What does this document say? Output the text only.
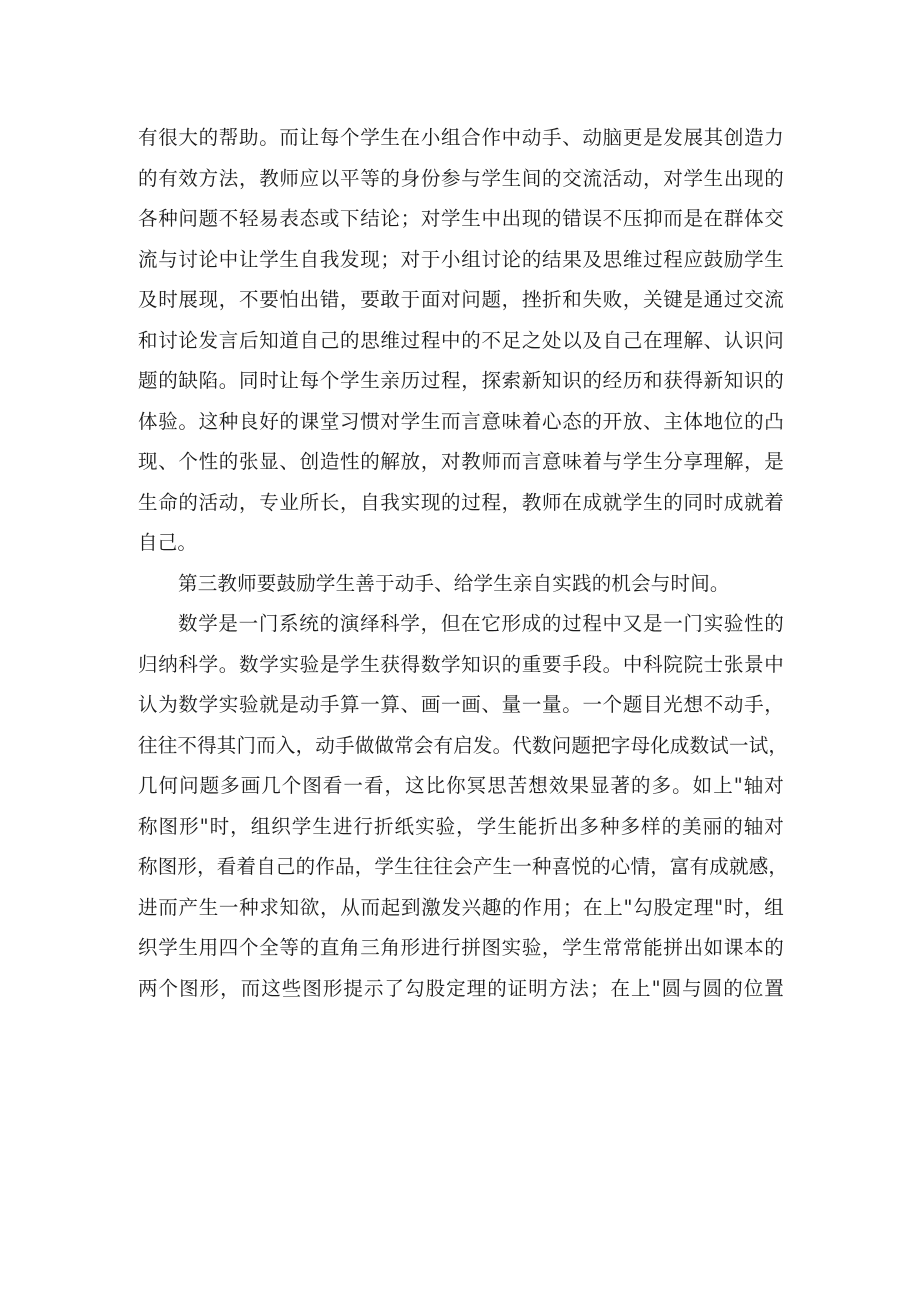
有很大的帮助。而让每个学生在小组合作中动手、动脑更是发展其创造力
的有效方法，教师应以平等的身份参与学生间的交流活动，对学生出现的
各种问题不轻易表态或下结论；对学生中出现的错误不压抑而是在群体交
流与讨论中让学生自我发现；对于小组讨论的结果及思维过程应鼓励学生
及时展现，不要怕出错，要敢于面对问题，挫折和失败，关键是通过交流
和讨论发言后知道自己的思维过程中的不足之处以及自己在理解、认识问
题的缺陷。同时让每个学生亲历过程，探索新知识的经历和获得新知识的
体验。这种良好的课堂习惯对学生而言意味着心态的开放、主体地位的凸
现、个性的张显、创造性的解放，对教师而言意味着与学生分享理解，是
生命的活动，专业所长，自我实现的过程，教师在成就学生的同时成就着
自己。
第三教师要鼓励学生善于动手、给学生亲自实践的机会与时间。
数学是一门系统的演绎科学，但在它形成的过程中又是一门实验性的
归纳科学。数学实验是学生获得数学知识的重要手段。中科院院士张景中
认为数学实验就是动手算一算、画一画、量一量。一个题目光想不动手，
往往不得其门而入，动手做做常会有启发。代数问题把字母化成数试一试，
几何问题多画几个图看一看，这比你冥思苦想效果显著的多。如上"轴对
称图形"时，组织学生进行折纸实验，学生能折出多种多样的美丽的轴对
称图形，看着自己的作品，学生往往会产生一种喜悦的心情，富有成就感，
进而产生一种求知欲，从而起到激发兴趣的作用；在上"勾股定理"时，组
织学生用四个全等的直角三角形进行拼图实验，学生常常能拼出如课本的
两个图形，而这些图形提示了勾股定理的证明方法；在上"圆与圆的位置
